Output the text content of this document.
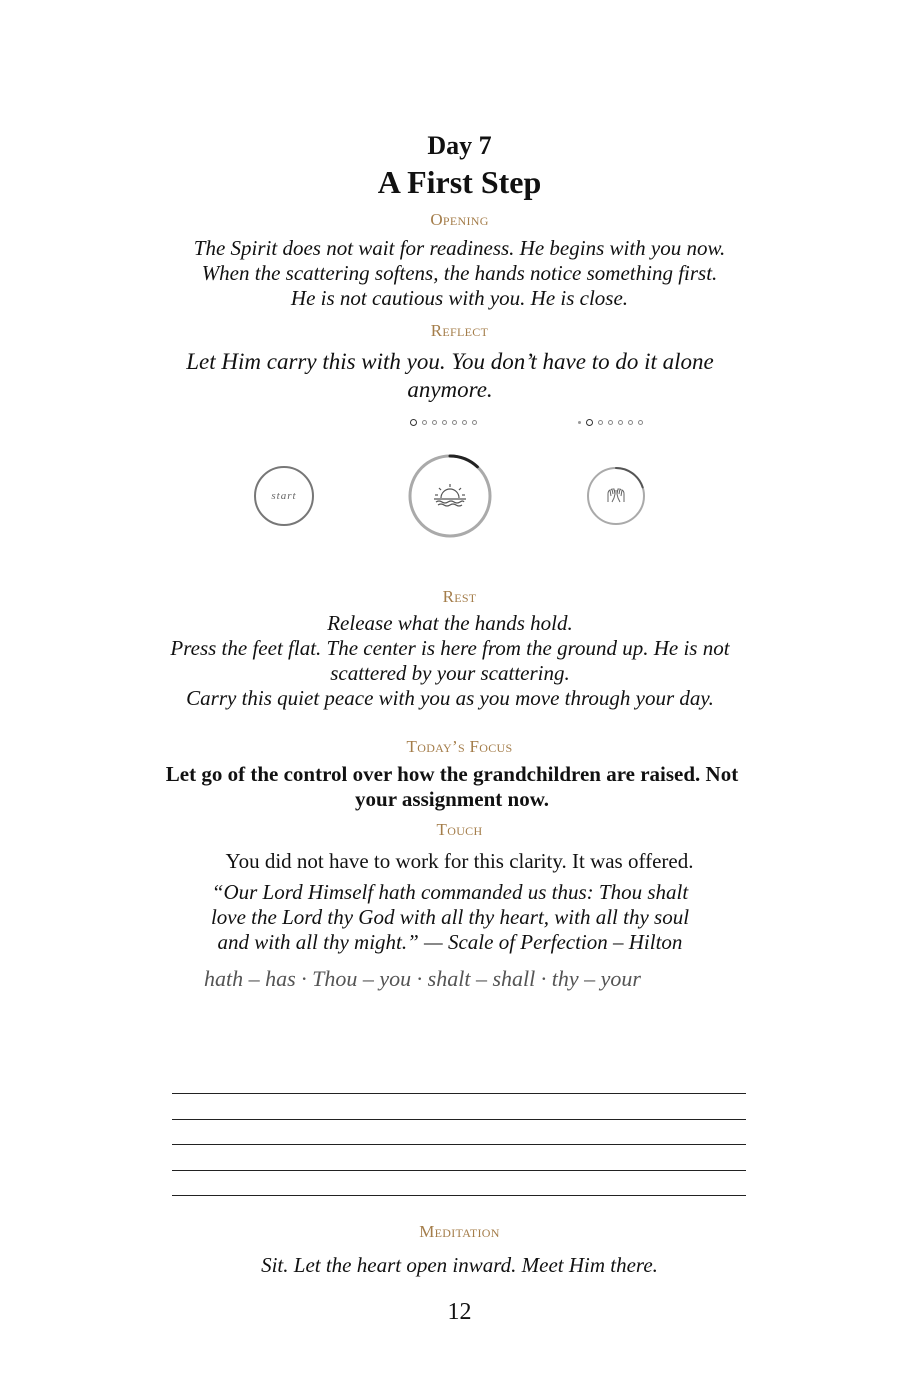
Day 7
A First Step
Opening
The Spirit does not wait for readiness. He begins with you now.
When the scattering softens, the hands notice something first.
He is not cautious with you. He is close.
Reflect
Let Him carry this with you. You don’t have to do it alone anymore.
start
Rest
Release what the hands hold.
Press the feet flat. The center is here from the ground up. He is not scattered by your scattering.
Carry this quiet peace with you as you move through your day.
Today’s Focus
Let go of the control over how the grandchildren are raised. Not your assignment now.
Touch
You did not have to work for this clarity. It was offered.
“Our Lord Himself hath commanded us thus: Thou shalt love the Lord thy God with all thy heart, with all thy soul and with all thy might.” — Scale of Perfection – Hilton
hath – has · Thou – you · shalt – shall · thy – your
Meditation
Sit. Let the heart open inward. Meet Him there.
12
